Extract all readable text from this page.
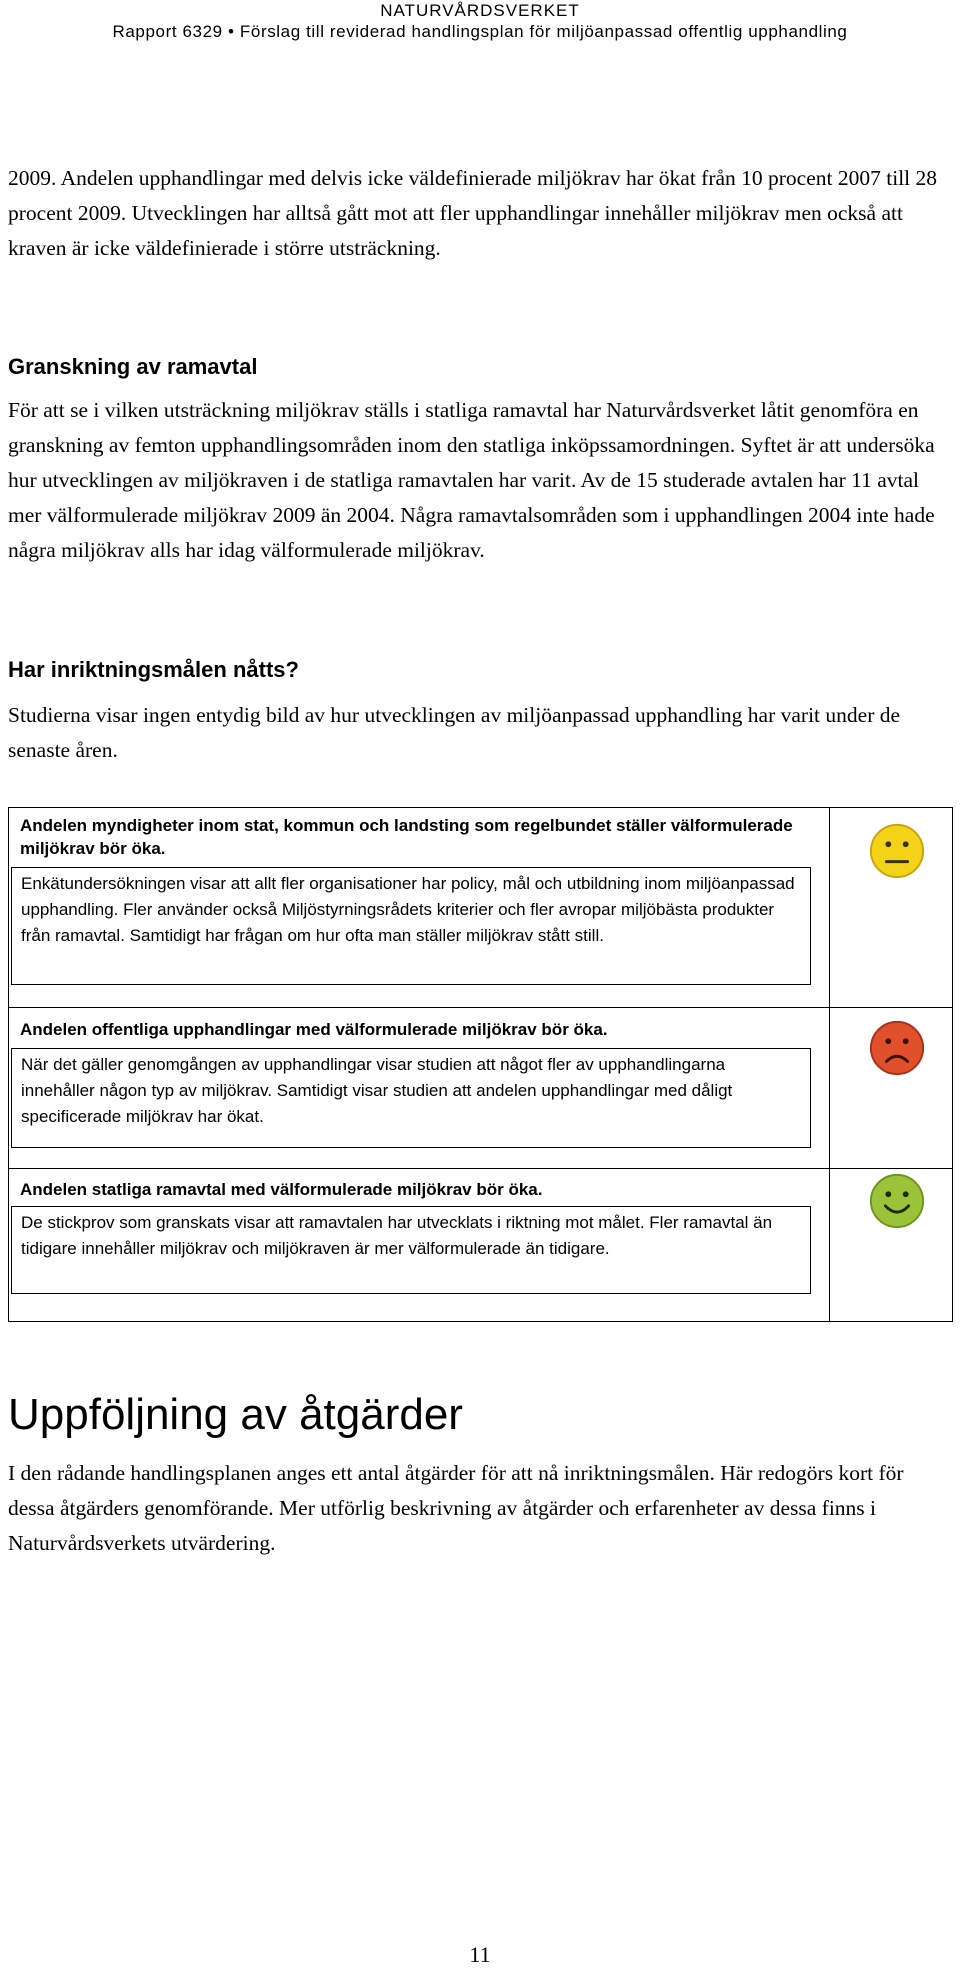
NATURVÅRDSVERKET
Rapport 6329 • Förslag till reviderad handlingsplan för miljöanpassad offentlig upphandling

2009. Andelen upphandlingar med delvis icke väldefinierade miljökrav har ökat från 10 procent 2007 till 28 procent 2009. Utvecklingen har alltså gått mot att fler upphandlingar innehåller miljökrav men också att kraven är icke väldefinierade i större utsträckning.

Granskning av ramavtal

För att se i vilken utsträckning miljökrav ställs i statliga ramavtal har Naturvårdsverket låtit genomföra en granskning av femton upphandlingsområden inom den statliga inköpssamordningen. Syftet är att undersöka hur utvecklingen av miljökraven i de statliga ramavtalen har varit. Av de 15 studerade avtalen har 11 avtal mer välformulerade miljökrav 2009 än 2004. Några ramavtalsområden som i upphandlingen 2004 inte hade några miljökrav alls har idag välformulerade miljökrav.

Har inriktningsmålen nåtts?

Studierna visar ingen entydig bild av hur utvecklingen av miljöanpassad upphandling har varit under de senaste åren.

Andelen myndigheter inom stat, kommun och landsting som regelbundet ställer välformulerade miljökrav bör öka.
Enkätundersökningen visar att allt fler organisationer har policy, mål och utbildning inom miljöanpassad upphandling. Fler använder också Miljöstyrningsrådets kriterier och fler avropar miljöbästa produkter från ramavtal. Samtidigt har frågan om hur ofta man ställer miljökrav stått still.
Andelen offentliga upphandlingar med välformulerade miljökrav bör öka.
När det gäller genomgången av upphandlingar visar studien att något fler av upphandlingarna innehåller någon typ av miljökrav. Samtidigt visar studien att andelen upphandlingar med dåligt specificerade miljökrav har ökat.
Andelen statliga ramavtal med välformulerade miljökrav bör öka.
De stickprov som granskats visar att ramavtalen har utvecklats i riktning mot målet. Fler ramavtal än tidigare innehåller miljökrav och miljökraven är mer välformulerade än tidigare.
Uppföljning av åtgärder

I den rådande handlingsplanen anges ett antal åtgärder för att nå inriktningsmålen. Här redogörs kort för dessa åtgärders genomförande. Mer utförlig beskrivning av åtgärder och erfarenheter av dessa finns i Naturvårdsverkets utvärdering.

11
